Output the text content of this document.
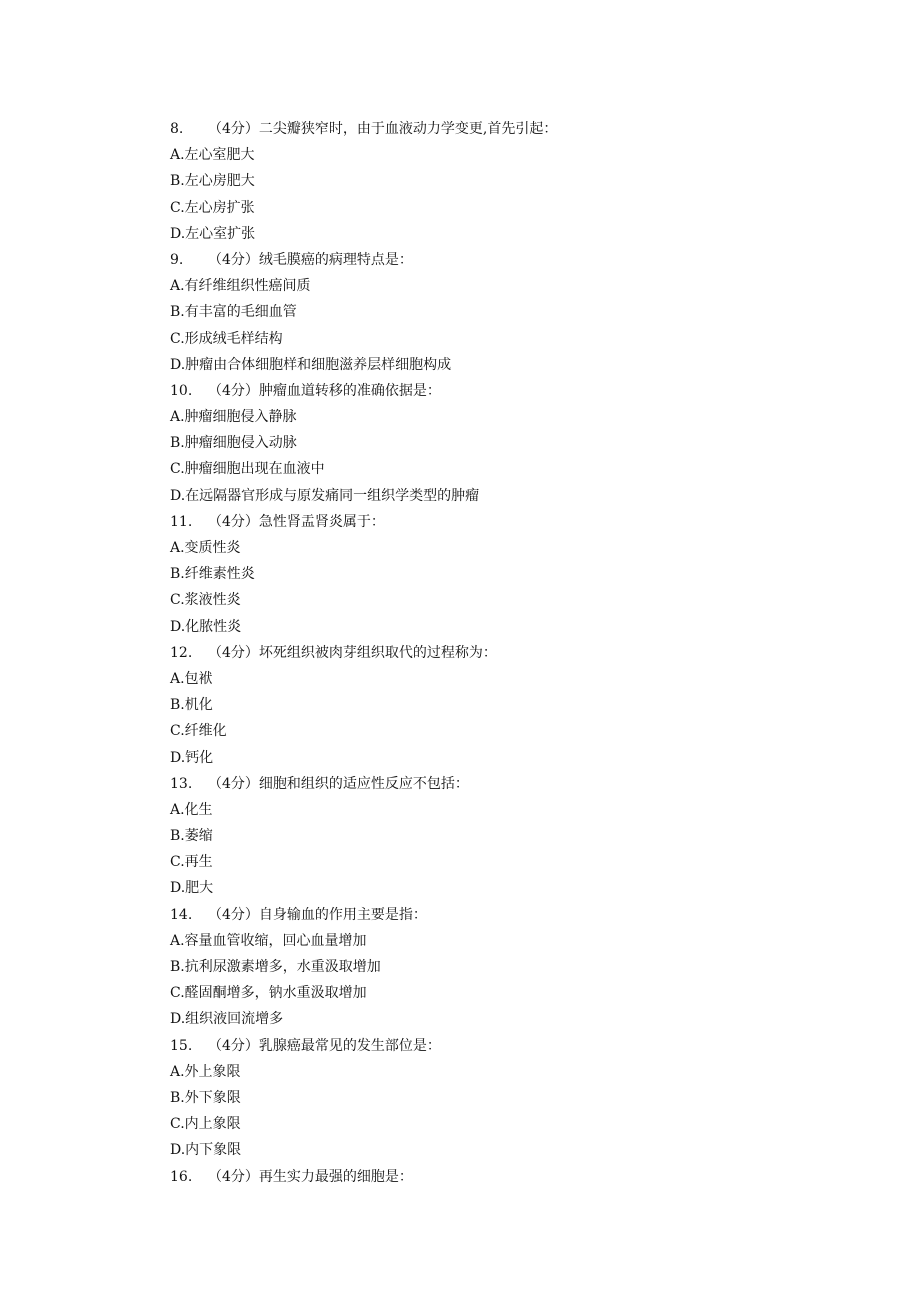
8. （4分）二尖瓣狭窄时，由于血液动力学变更,首先引起：
A.左心室肥大
B.左心房肥大
C.左心房扩张
D.左心室扩张
9. （4分）绒毛膜癌的病理特点是：
A.有纤维组织性癌间质
B.有丰富的毛细血管
C.形成绒毛样结构
D.肿瘤由合体细胞样和细胞滋养层样细胞构成
10. （4分）肿瘤血道转移的准确依据是：
A.肿瘤细胞侵入静脉
B.肿瘤细胞侵入动脉
C.肿瘤细胞出现在血液中
D.在远隔器官形成与原发痛同一组织学类型的肿瘤
11. （4分）急性肾盂肾炎属于：
A.变质性炎
B.纤维素性炎
C.浆液性炎
D.化脓性炎
12. （4分）坏死组织被肉芽组织取代的过程称为：
A.包袱
B.机化
C.纤维化
D.钙化
13. （4分）细胞和组织的适应性反应不包括：
A.化生
B.萎缩
C.再生
D.肥大
14. （4分）自身输血的作用主要是指：
A.容量血管收缩，回心血量增加
B.抗利尿激素增多，水重汲取增加
C.醛固酮增多，钠水重汲取增加
D.组织液回流增多
15. （4分）乳腺癌最常见的发生部位是：
A.外上象限
B.外下象限
C.内上象限
D.内下象限
16. （4分）再生实力最强的细胞是：
